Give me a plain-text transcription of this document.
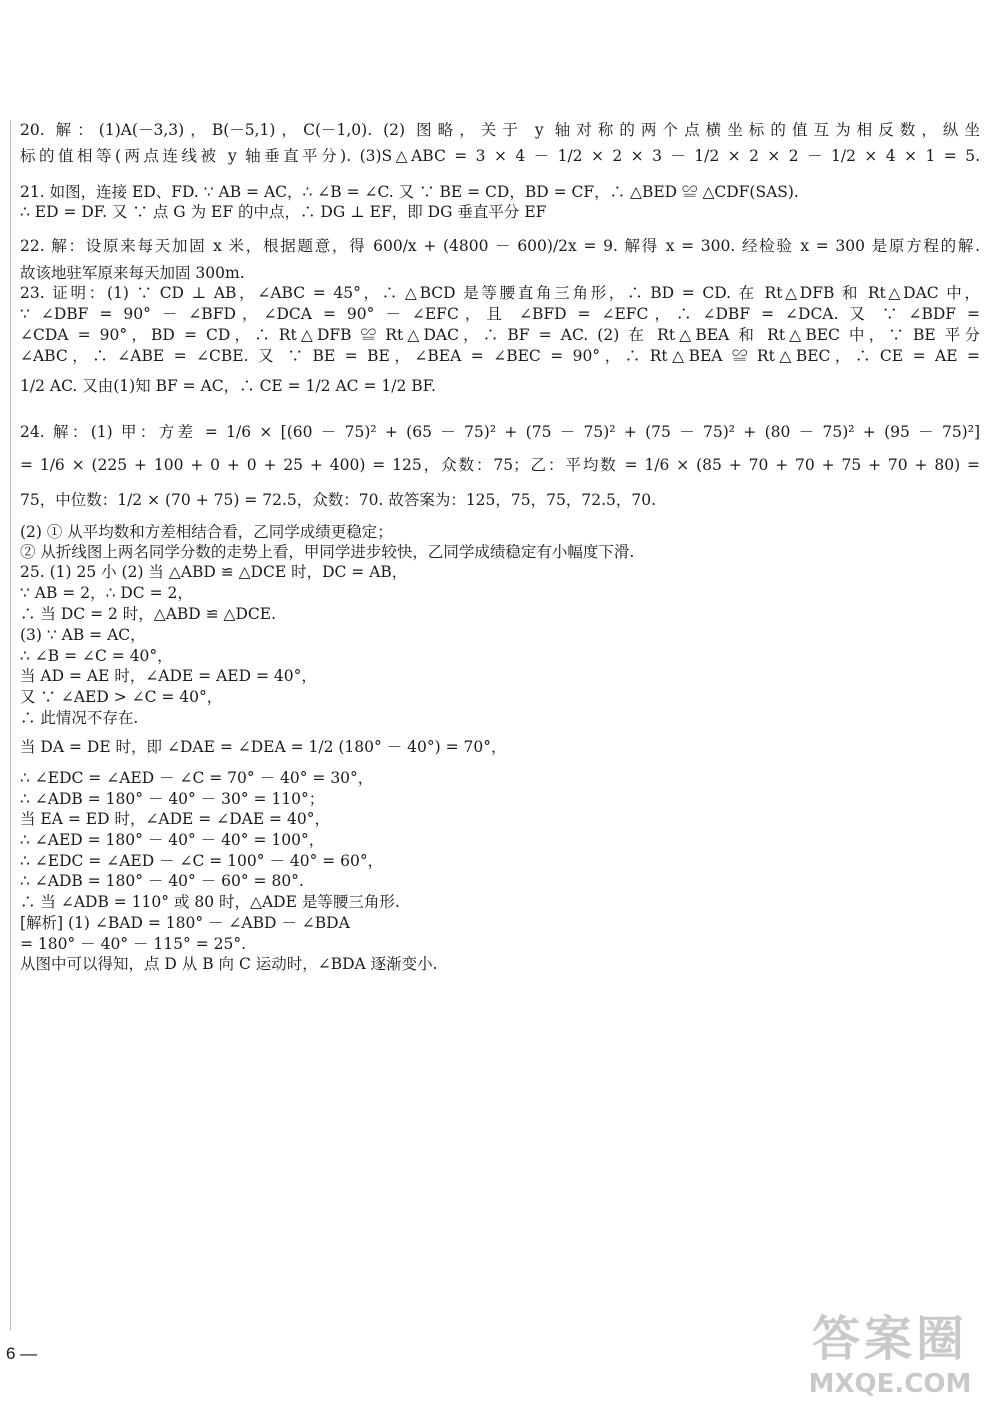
20. 解：(1)A(－3,3)，B(－5,1)，C(－1,0). (2) 图略，关于 y 轴对称的两个点横坐标的值互为相反数，纵坐
标的值相等(两点连线被 y 轴垂直平分). (3)S△ABC = 3 × 4 － 1/2 × 2 × 3 － 1/2 × 2 × 2 － 1/2 × 4 × 1 = 5.
21. 如图，连接 ED、FD. ∵ AB = AC，∴ ∠B = ∠C. 又 ∵ BE = CD，BD = CF，∴ △BED ≌ △CDF(SAS).
∴ ED = DF. 又 ∵ 点 G 为 EF 的中点，∴ DG ⊥ EF，即 DG 垂直平分 EF
22. 解：设原来每天加固 x 米，根据题意，得 600/x + (4800 － 600)/2x = 9. 解得 x = 300. 经检验 x = 300 是原方程的解.
故该地驻军原来每天加固 300m.
23. 证明：(1) ∵ CD ⊥ AB，∠ABC = 45°，∴ △BCD 是等腰直角三角形，∴ BD = CD. 在 Rt△DFB 和 Rt△DAC 中，
∵ ∠DBF = 90° － ∠BFD，∠DCA = 90° － ∠EFC，且 ∠BFD = ∠EFC，∴ ∠DBF = ∠DCA. 又 ∵ ∠BDF =
∠CDA = 90°，BD = CD，∴ Rt△DFB ≌ Rt△DAC，∴ BF = AC. (2) 在 Rt△BEA 和 Rt△BEC 中，∵ BE 平分
∠ABC，∴ ∠ABE = ∠CBE. 又 ∵ BE = BE，∠BEA = ∠BEC = 90°，∴ Rt△BEA ≌ Rt△BEC，∴ CE = AE =
1/2 AC. 又由(1)知 BF = AC，∴ CE = 1/2 AC = 1/2 BF.
24. 解：(1) 甲：方差 = 1/6 × [(60 － 75)² + (65 － 75)² + (75 － 75)² + (75 － 75)² + (80 － 75)² + (95 － 75)²]
= 1/6 × (225 + 100 + 0 + 0 + 25 + 400) = 125，众数：75；乙：平均数 = 1/6 × (85 + 70 + 70 + 75 + 70 + 80) =
75，中位数：1/2 × (70 + 75) = 72.5，众数：70. 故答案为：125，75，75，72.5，70.
(2) ① 从平均数和方差相结合看，乙同学成绩更稳定；
② 从折线图上两名同学分数的走势上看，甲同学进步较快，乙同学成绩稳定有小幅度下滑.
25. (1) 25 小 (2) 当 △ABD ≌ △DCE 时，DC = AB，
∵ AB = 2，∴ DC = 2，
∴ 当 DC = 2 时，△ABD ≌ △DCE.
(3) ∵ AB = AC，
∴ ∠B = ∠C = 40°，
当 AD = AE 时，∠ADE = AED = 40°，
又 ∵ ∠AED > ∠C = 40°，
∴ 此情况不存在.
当 DA = DE 时，即 ∠DAE = ∠DEA = 1/2 (180° － 40°) = 70°，
∴ ∠EDC = ∠AED － ∠C = 70° － 40° = 30°，
∴ ∠ADB = 180° － 40° － 30° = 110°；
当 EA = ED 时，∠ADE = ∠DAE = 40°，
∴ ∠AED = 180° － 40° － 40° = 100°，
∴ ∠EDC = ∠AED － ∠C = 100° － 40° = 60°，
∴ ∠ADB = 180° － 40° － 60° = 80°.
∴ 当 ∠ADB = 110° 或 80 时，△ADE 是等腰三角形.
[解析] (1) ∠BAD = 180° － ∠ABD － ∠BDA
= 180° － 40° － 115° = 25°.
从图中可以得知，点 D 从 B 向 C 运动时，∠BDA 逐渐变小.
6 —	答案圈
MXQE.COM
